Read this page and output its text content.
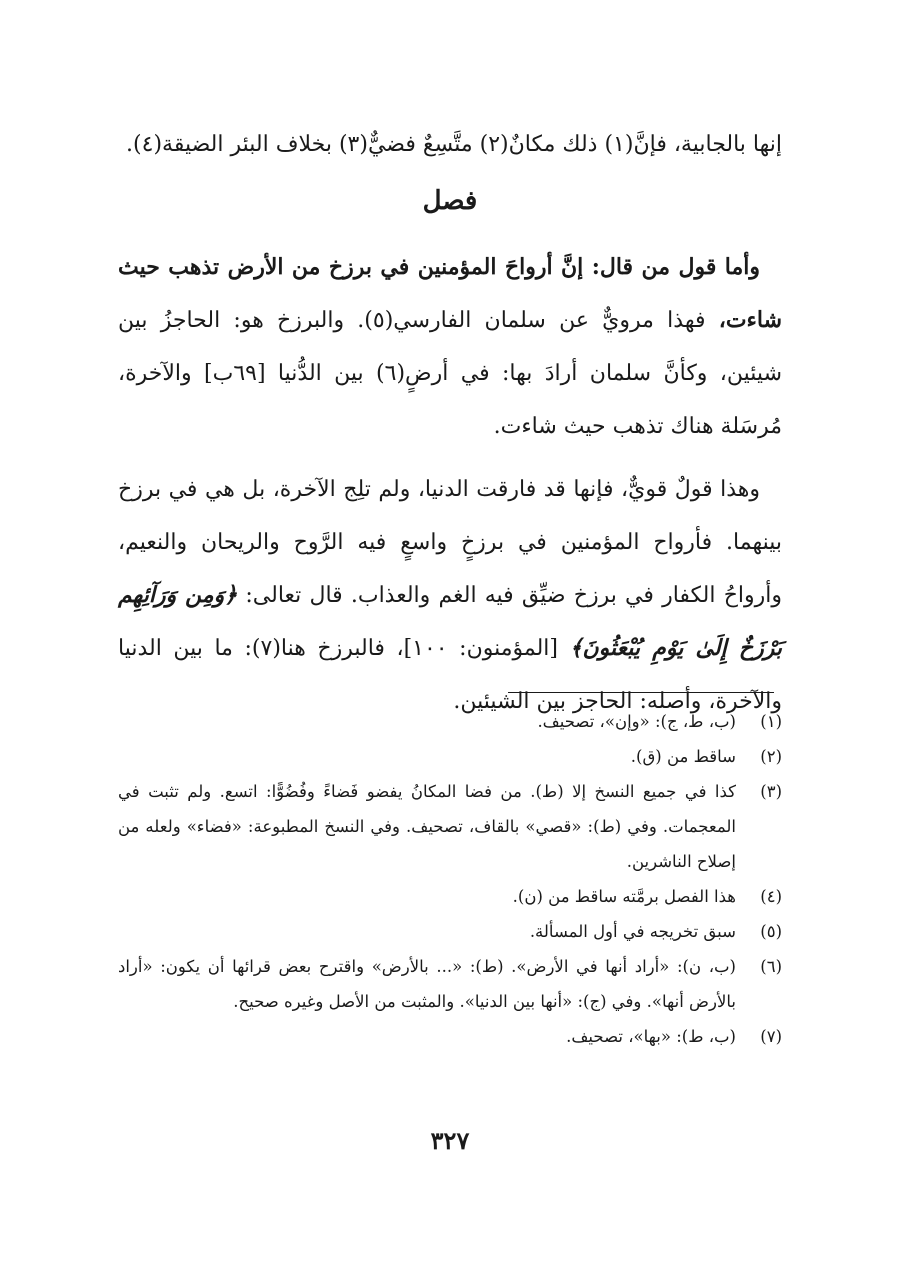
إنها بالجابية، فإنَّ(١) ذلك مكانٌ(٢) متَّسِعٌ فضيٌّ(٣) بخلاف البئر الضيقة(٤).

فصل

وأما قول من قال: إنَّ أرواحَ المؤمنين في برزخ من الأرض تذهب حيث شاءت، فهذا مرويٌّ عن سلمان الفارسي(٥). والبرزخ هو: الحاجزُ بين شيئين، وكأنَّ سلمان أرادَ بها: في أرضٍ(٦) بين الدُّنيا [٦٩ب] والآخرة، مُرسَلة هناك تذهب حيث شاءت.

وهذا قولٌ قويٌّ، فإنها قد فارقت الدنيا، ولم تلِج الآخرة، بل هي في برزخ بينهما. فأرواح المؤمنين في برزخٍ واسعٍ فيه الرَّوح والريحان والنعيم، وأرواحُ الكفار في برزخ ضيِّق فيه الغم والعذاب. قال تعالى: ﴿وَمِن وَرَآئِهِم بَرْزَخٌ إِلَىٰ يَوْمِ يُبْعَثُونَ﴾ [المؤمنون: ١٠٠]، فالبرزخ هنا(٧): ما بين الدنيا والآخرة، وأصله: الحاجز بين الشيئين.

(١)
(ب، ط، ج): «وإن»، تصحيف.
(٢)
ساقط من (ق).
(٣)
كذا في جميع النسخ إلا (ط). من فضا المكانُ يفضو فَضاءً وفُضُوًّا: اتسع. ولم تثبت في المعجمات. وفي (ط): «قصي» بالقاف، تصحيف. وفي النسخ المطبوعة: «فضاء» ولعله من إصلاح الناشرين.
(٤)
هذا الفصل برمَّته ساقط من (ن).
(٥)
سبق تخريجه في أول المسألة.
(٦)
(ب، ن): «أراد أنها في الأرض». (ط): «... بالأرض» واقترح بعض قرائها أن يكون: «أراد بالأرض أنها». وفي (ج): «أنها بين الدنيا». والمثبت من الأصل وغيره صحيح.
(٧)
(ب، ط): «بها»، تصحيف.
٣٢٧
